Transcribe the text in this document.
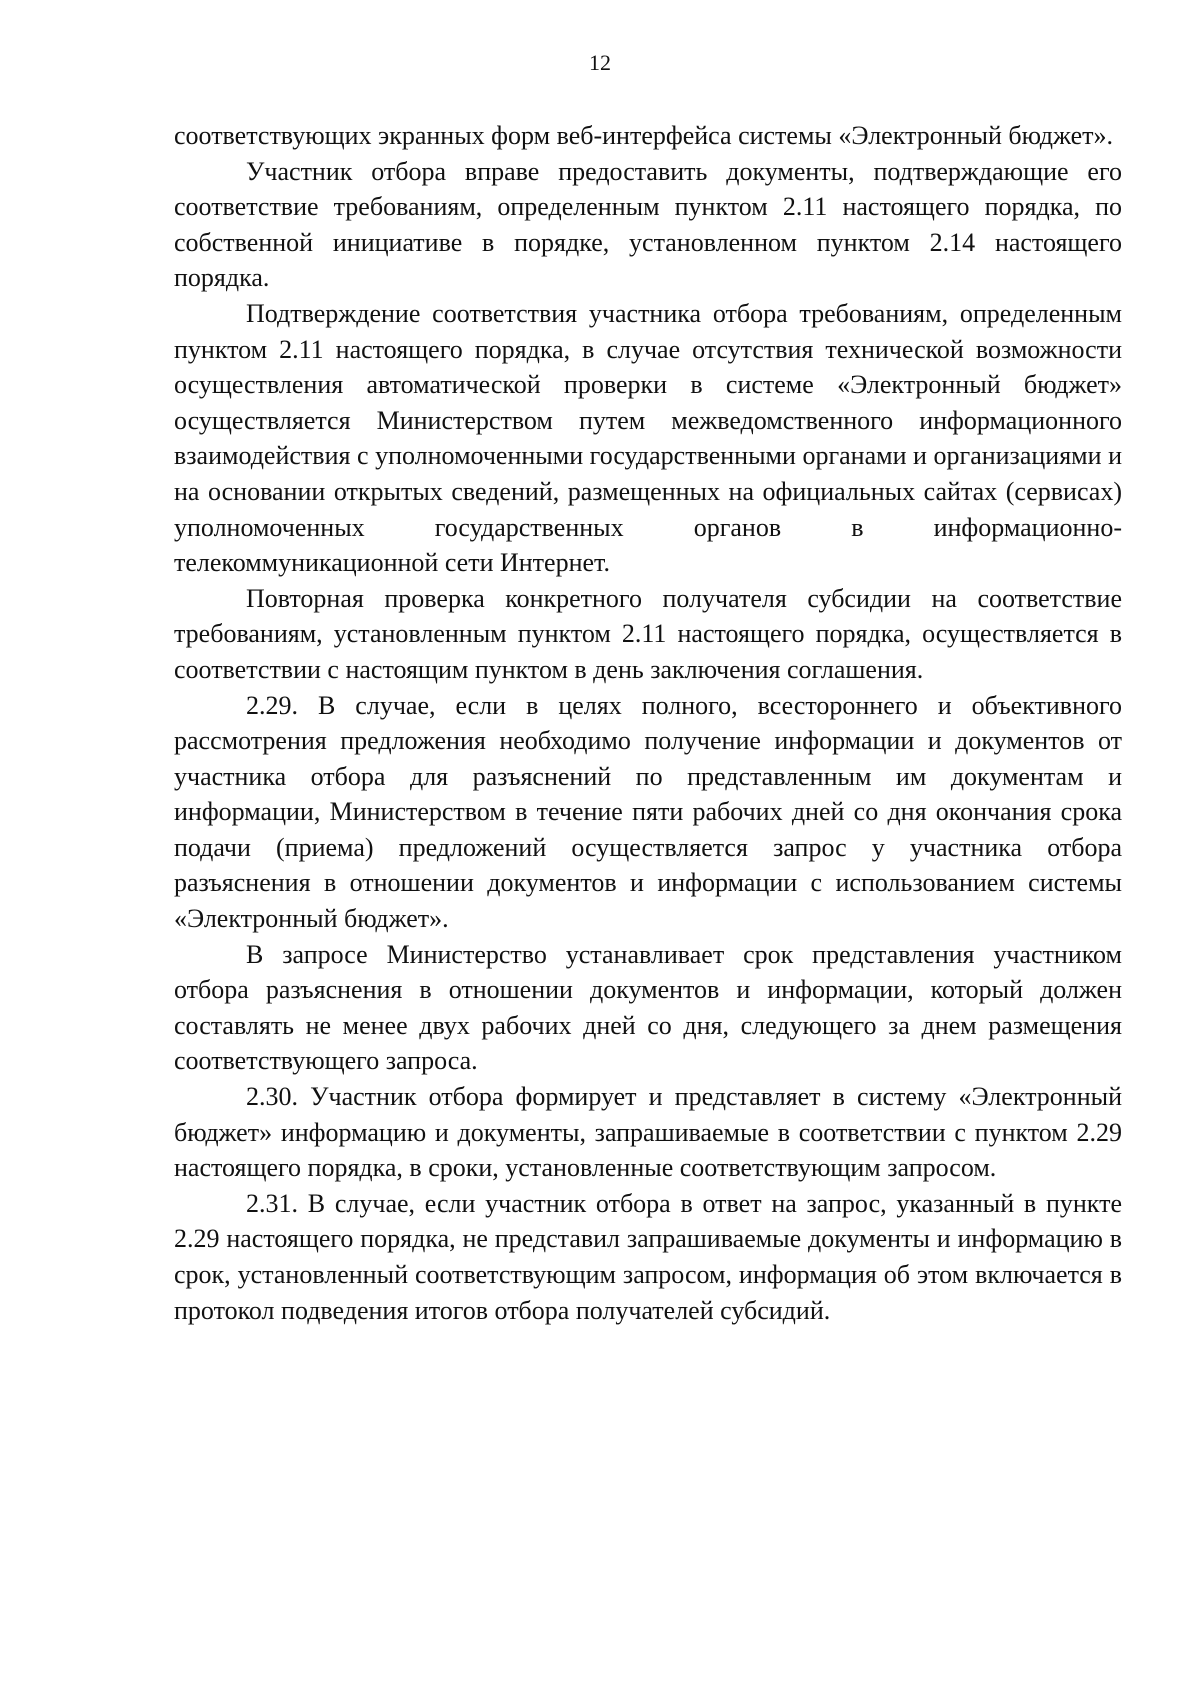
12

соответствующих экранных форм веб-интерфейса системы «Электронный бюджет».

Участник отбора вправе предоставить документы, подтверждающие его соответствие требованиям, определенным пунктом 2.11 настоящего порядка, по собственной инициативе в порядке, установленном пунктом 2.14 настоящего порядка.

Подтверждение соответствия участника отбора требованиям, определенным пунктом 2.11 настоящего порядка, в случае отсутствия технической возможности осуществления автоматической проверки в системе «Электронный бюджет» осуществляется Министерством путем межведомственного информационного взаимодействия с уполномоченными государственными органами и организациями и на основании открытых сведений, размещенных на официальных сайтах (сервисах) уполномоченных государственных органов в информационно-телекоммуникационной сети Интернет.

Повторная проверка конкретного получателя субсидии на соответствие требованиям, установленным пунктом 2.11 настоящего порядка, осуществляется в соответствии с настоящим пунктом в день заключения соглашения.

2.29. В случае, если в целях полного, всестороннего и объективного рассмотрения предложения необходимо получение информации и документов от участника отбора для разъяснений по представленным им документам и информации, Министерством в течение пяти рабочих дней со дня окончания срока подачи (приема) предложений осуществляется запрос у участника отбора разъяснения в отношении документов и информации с использованием системы «Электронный бюджет».

В запросе Министерство устанавливает срок представления участником отбора разъяснения в отношении документов и информации, который должен составлять не менее двух рабочих дней со дня, следующего за днем размещения соответствующего запроса.

2.30. Участник отбора формирует и представляет в систему «Электронный бюджет» информацию и документы, запрашиваемые в соответствии с пунктом 2.29 настоящего порядка, в сроки, установленные соответствующим запросом.

2.31. В случае, если участник отбора в ответ на запрос, указанный в пункте 2.29 настоящего порядка, не представил запрашиваемые документы и информацию в срок, установленный соответствующим запросом, информация об этом включается в протокол подведения итогов отбора получателей субсидий.
